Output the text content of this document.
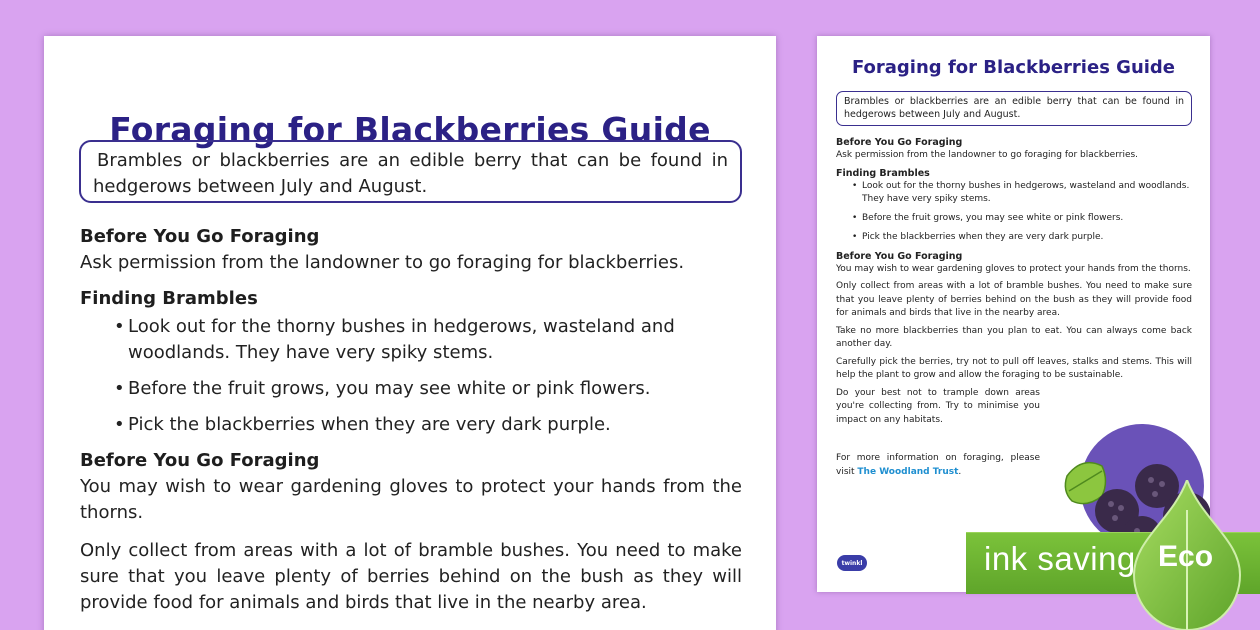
Foraging for Blackberries Guide
Brambles or blackberries are an edible berry that can be found in hedgerows between July and August.
Before You Go Foraging
Ask permission from the landowner to go foraging for blackberries.
Finding Brambles
• Look out for the thorny bushes in hedgerows, wasteland and woodlands. They have very spiky stems.
• Before the fruit grows, you may see white or pink flowers.
• Pick the blackberries when they are very dark purple.
Before You Go Foraging
You may wish to wear gardening gloves to protect your hands from the thorns.
Only collect from areas with a lot of bramble bushes. You need to make sure that you leave plenty of berries behind on the bush as they will provide food for animals and birds that live in the nearby area.
Foraging for Blackberries Guide
Brambles or blackberries are an edible berry that can be found in hedgerows between July and August.
Before You Go Foraging
Ask permission from the landowner to go foraging for blackberries.
Finding Brambles
• Look out for the thorny bushes in hedgerows, wasteland and woodlands. They have very spiky stems.
• Before the fruit grows, you may see white or pink flowers.
• Pick the blackberries when they are very dark purple.
Before You Go Foraging
You may wish to wear gardening gloves to protect your hands from the thorns.
Only collect from areas with a lot of bramble bushes. You need to make sure that you leave plenty of berries behind on the bush as they will provide food for animals and birds that live in the nearby area.
Take no more blackberries than you plan to eat. You can always come back another day.
Carefully pick the berries, try not to pull off leaves, stalks and stems. This will help the plant to grow and allow the foraging to be sustainable.
Do your best not to trample down areas you're collecting from. Try to minimise you impact on any habitats.
For more information on foraging, please visit The Woodland Trust.
twinkl	ink saving Eco
